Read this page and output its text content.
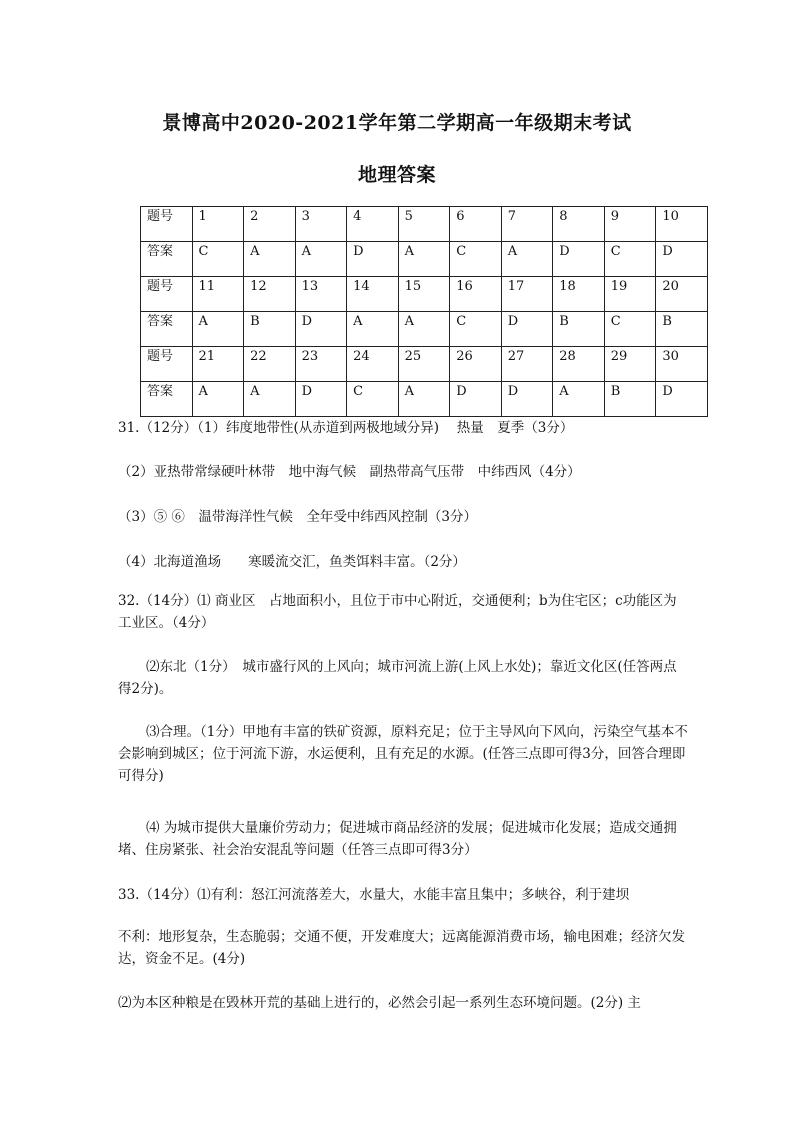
景博高中2020-2021学年第二学期高一年级期末考试
地理答案
题号	1	2	3	4	5	6	7	8	9	10
答案	C	A	A	D	A	C	A	D	C	D
题号	11	12	13	14	15	16	17	18	19	20
答案	A	B	D	A	A	C	D	B	C	B
题号	21	22	23	24	25	26	27	28	29	30
答案	A	A	D	C	A	D	D	A	B	D

31.（12分）（1）纬度地带性(从赤道到两极地域分异)　 热量　夏季（3分）

（2）亚热带常绿硬叶林带　地中海气候　副热带高气压带　中纬西风（4分）

（3）⑤ ⑥　温带海洋性气候　全年受中纬西风控制（3分）

（4）北海道渔场　　寒暖流交汇，鱼类饵料丰富。（2分）

32.（14分）⑴ 商业区　占地面积小，且位于市中心附近，交通便利；b为住宅区；c功能区为工业区。（4分）

⑵东北（1分）　城市盛行风的上风向；城市河流上游(上风上水处)；靠近文化区(任答两点得2分)。

⑶合理。（1分）甲地有丰富的铁矿资源，原料充足；位于主导风向下风向，污染空气基本不会影响到城区；位于河流下游，水运便利，且有充足的水源。(任答三点即可得3分，回答合理即可得分)

⑷ 为城市提供大量廉价劳动力；促进城市商品经济的发展；促进城市化发展；造成交通拥堵、住房紧张、社会治安混乱等问题（任答三点即可得3分）

33.（14分）⑴有利：怒江河流落差大，水量大，水能丰富且集中；多峡谷，利于建坝

不利：地形复杂，生态脆弱；交通不便，开发难度大；远离能源消费市场，输电困难；经济欠发达，资金不足。(4分)

⑵为本区种粮是在毁林开荒的基础上进行的，必然会引起一系列生态环境问题。(2分) 主
